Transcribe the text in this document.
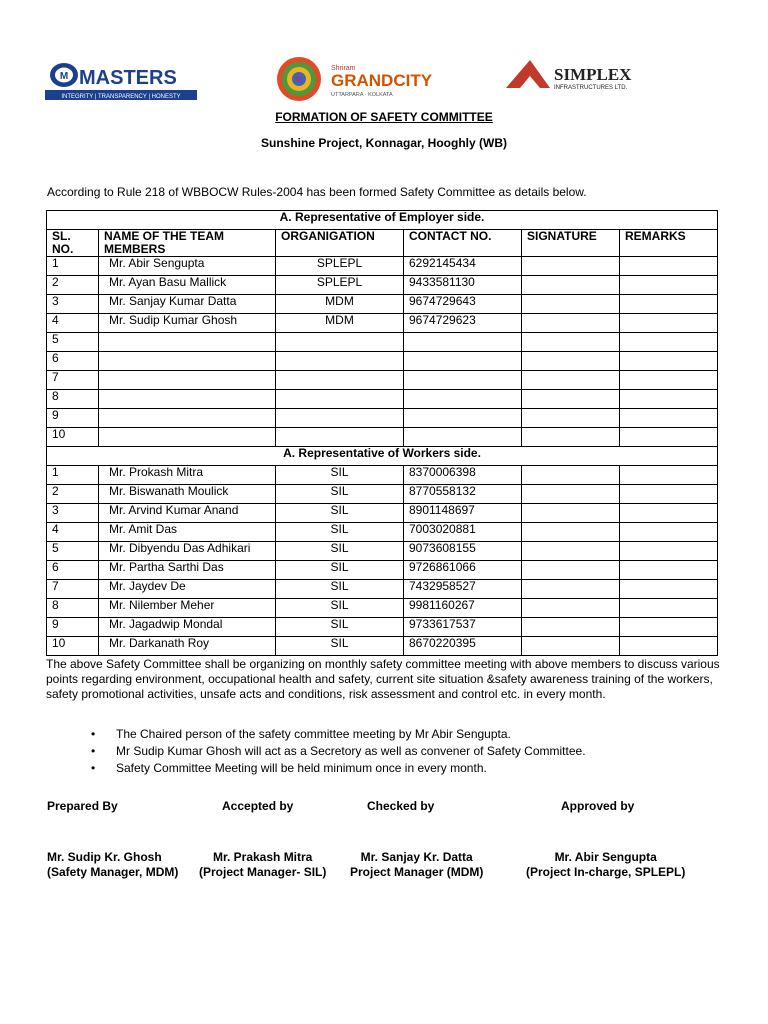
M MASTERS
INTEGRITY | TRANSPARENCY | HONESTY
Shriram
GRANDCITY
UTTARPARA · KOLKATA
SIMPLEX
INFRASTRUCTURES LTD.
FORMATION OF SAFETY COMMITTEE
Sunshine Project, Konnagar, Hooghly (WB)
According to Rule 218 of WBBOCW Rules-2004 has been formed Safety Committee as details below.
A. Representative of Employer side.					
SL. NO.	NAME OF THE TEAM MEMBERS	ORGANIGATION	CONTACT NO.	SIGNATURE	REMARKS
1	Mr. Abir Sengupta	SPLEPL	6292145434		
2	Mr. Ayan Basu Mallick	SPLEPL	9433581130		
3	Mr. Sanjay Kumar Datta	MDM	9674729643		
4	Mr. Sudip Kumar Ghosh	MDM	9674729623		
5					
6					
7					
8					
9					
10					
A. Representative of Workers side.					
1	Mr. Prokash Mitra	SIL	8370006398		
2	Mr. Biswanath Moulick	SIL	8770558132		
3	Mr. Arvind Kumar Anand	SIL	8901148697		
4	Mr. Amit Das	SIL	7003020881		
5	Mr. Dibyendu Das Adhikari	SIL	9073608155		
6	Mr. Partha Sarthi Das	SIL	9726861066		
7	Mr. Jaydev De	SIL	7432958527		
8	Mr. Nilember Meher	SIL	9981160267		
9	Mr. Jagadwip Mondal	SIL	9733617537		
10	Mr. Darkanath Roy	SIL	8670220395		
The above Safety Committee shall be organizing on monthly safety committee meeting with above members to discuss various points regarding environment, occupational health and safety, current site situation &safety awareness training of the workers, safety promotional activities, unsafe acts and conditions, risk assessment and control etc. in every month.
• The Chaired person of the safety committee meeting by Mr Abir Sengupta.
• Mr Sudip Kumar Ghosh will act as a Secretory as well as convener of Safety Committee.
• Safety Committee Meeting will be held minimum once in every month.
Prepared By	Accepted by	Checked by	Approved by
Mr. Sudip Kr. Ghosh
(Safety Manager, MDM)
Mr. Prakash Mitra
(Project Manager- SIL)
Mr. Sanjay Kr. Datta
Project Manager (MDM)
Mr. Abir Sengupta
(Project In-charge, SPLEPL)
